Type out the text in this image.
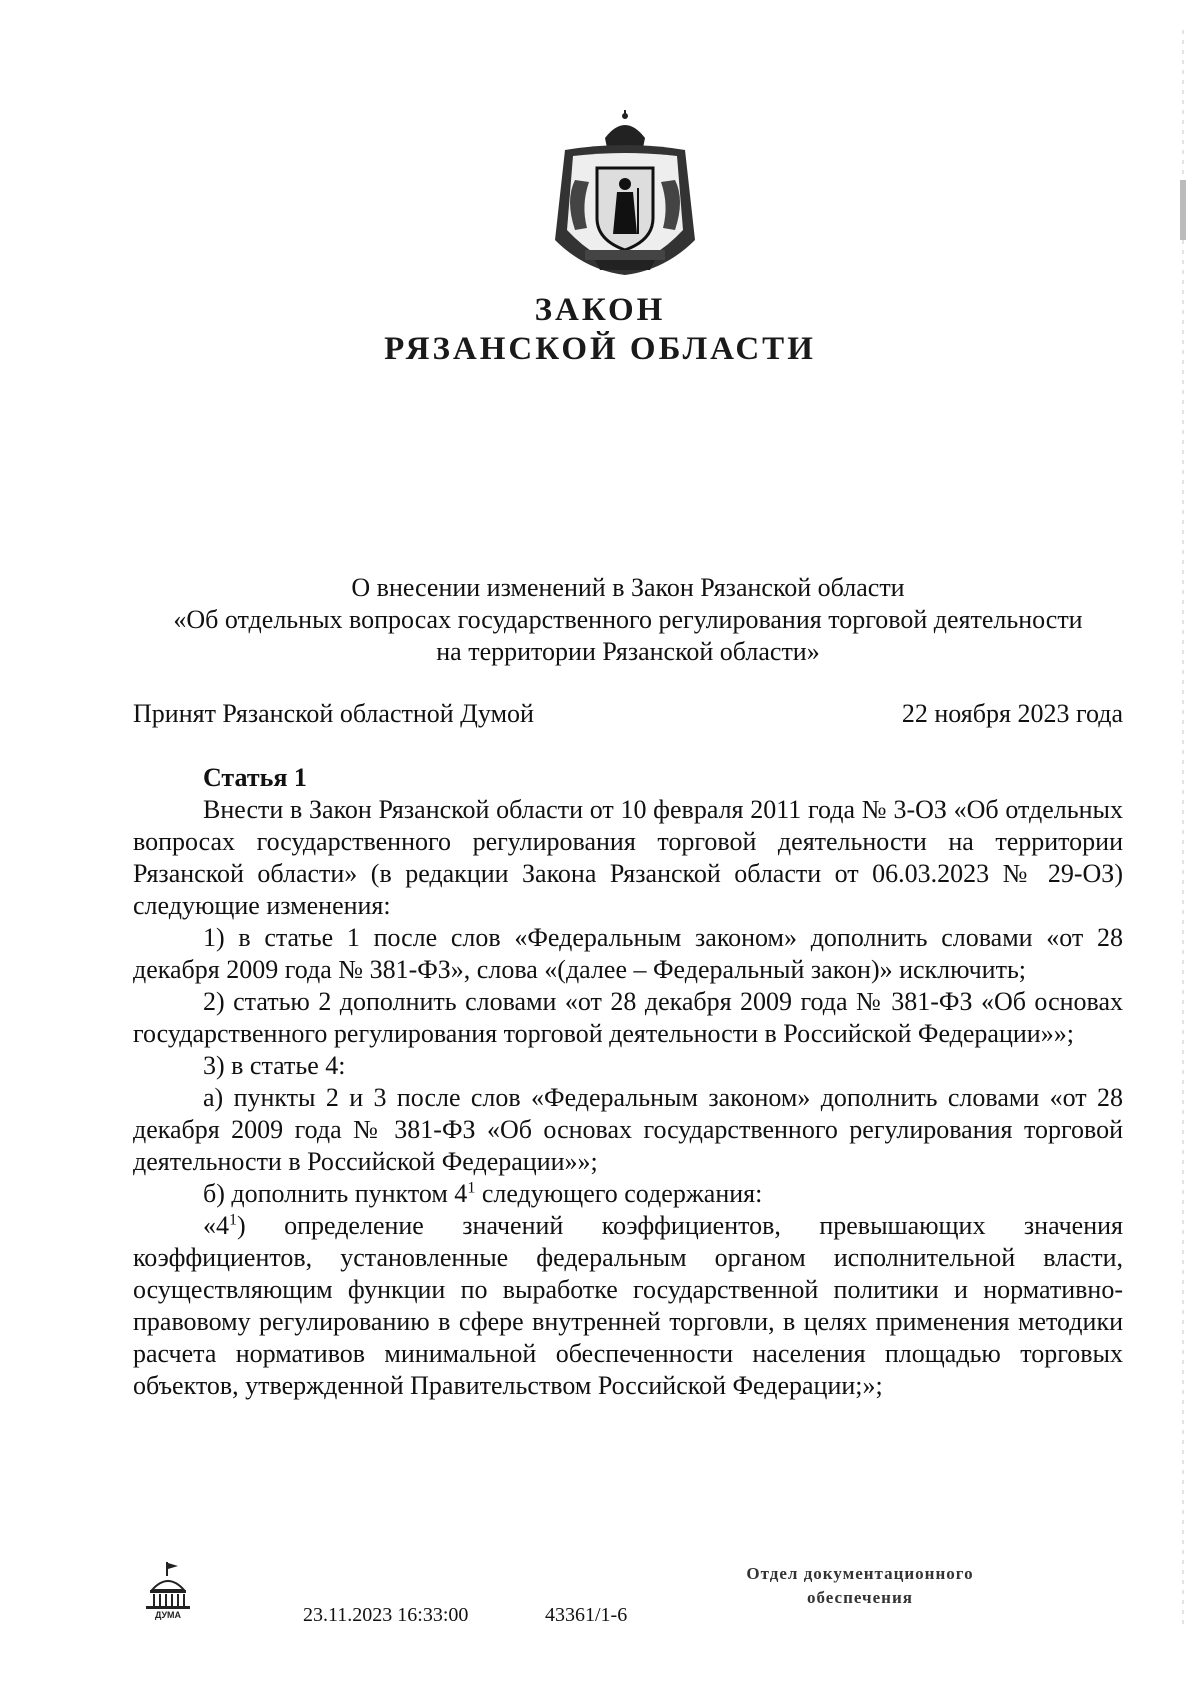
ЗАКОН
РЯЗАНСКОЙ ОБЛАСТИ
О внесении изменений в Закон Рязанской области
«Об отдельных вопросах государственного регулирования торговой деятельности
на территории Рязанской области»
Принят Рязанской областной Думой	22 ноября 2023 года
Статья 1

Внести в Закон Рязанской области от 10 февраля 2011 года № 3-ОЗ «Об отдельных вопросах государственного регулирования торговой деятельности на территории Рязанской области» (в редакции Закона Рязанской области от 06.03.2023 № 29-ОЗ) следующие изменения:

1) в статье 1 после слов «Федеральным законом» дополнить словами «от 28 декабря 2009 года № 381-ФЗ», слова «(далее – Федеральный закон)» исключить;

2) статью 2 дополнить словами «от 28 декабря 2009 года № 381-ФЗ «Об основах государственного регулирования торговой деятельности в Российской Федерации»»;

3) в статье 4:

а) пункты 2 и 3 после слов «Федеральным законом» дополнить словами «от 28 декабря 2009 года № 381-ФЗ «Об основах государственного регулирования торговой деятельности в Российской Федерации»»;

б) дополнить пунктом $4^1$ следующего содержания:

«$4^1$) определение значений коэффициентов, превышающих значения коэффициентов, установленные федеральным органом исполнительной власти, осуществляющим функции по выработке государственной политики и нормативно-правовому регулированию в сфере внутренней торговли, в целях применения методики расчета нормативов минимальной обеспеченности населения площадью торговых объектов, утвержденной Правительством Российской Федерации;»;

ДУМА	23.11.2023 16:33:00	43361/1-6
Отдел документационного
обеспечения
